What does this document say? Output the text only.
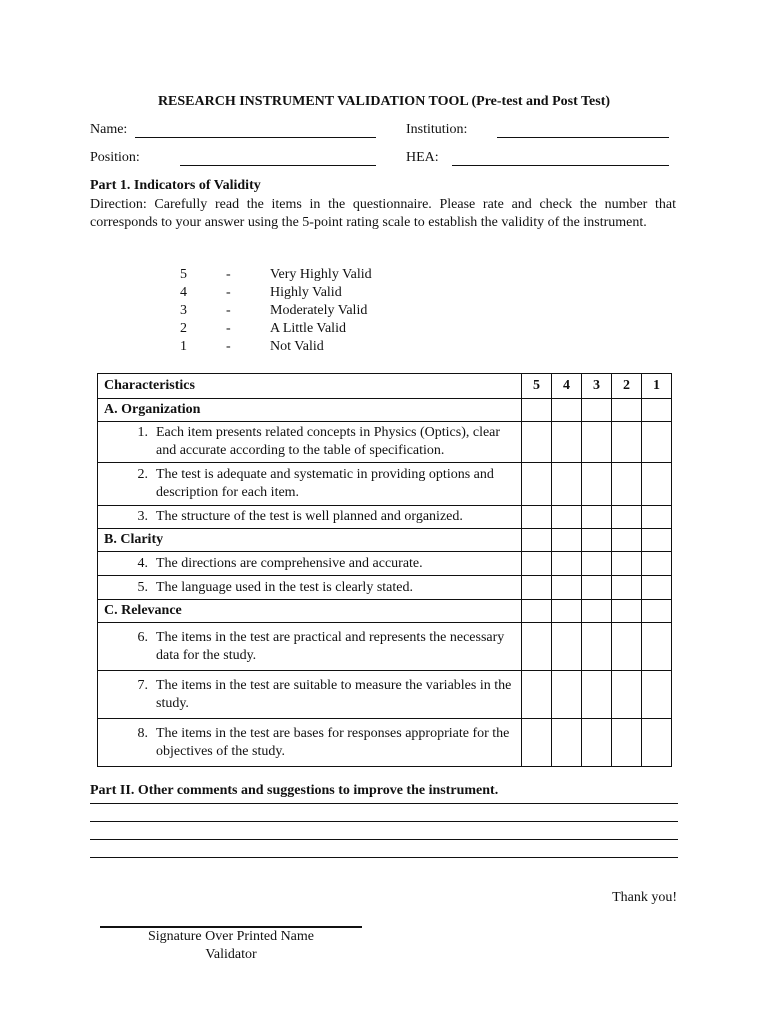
RESEARCH INSTRUMENT VALIDATION TOOL (Pre-test and Post Test)
Name:	Institution:
Position:	HEA:
Part 1. Indicators of Validity
Direction: Carefully read the items in the questionnaire. Please rate and check the number that corresponds to your answer using the 5-point rating scale to establish the validity of the instrument.
5	-	Very Highly Valid
4	-	Highly Valid
3	-	Moderately Valid
2	-	A Little Valid
1	-	Not Valid
Characteristics	5	4	3	2	1
A. Organization					

1. Each item presents related concepts in Physics (Optics), clear and accurate according to the table of specification.					

2. The test is adequate and systematic in providing options and description for each item.					

3. The structure of the test is well planned and organized.					

B. Clarity					

4. The directions are comprehensive and accurate.					

5. The language used in the test is clearly stated.					

C. Relevance					

6. The items in the test are practical and represents the necessary data for the study.					

7. The items in the test are suitable to measure the variables in the study.					

8. The items in the test are bases for responses appropriate for the objectives of the study.					

Part II. Other comments and suggestions to improve the instrument.
Thank you!
Signature Over Printed Name
Validator
